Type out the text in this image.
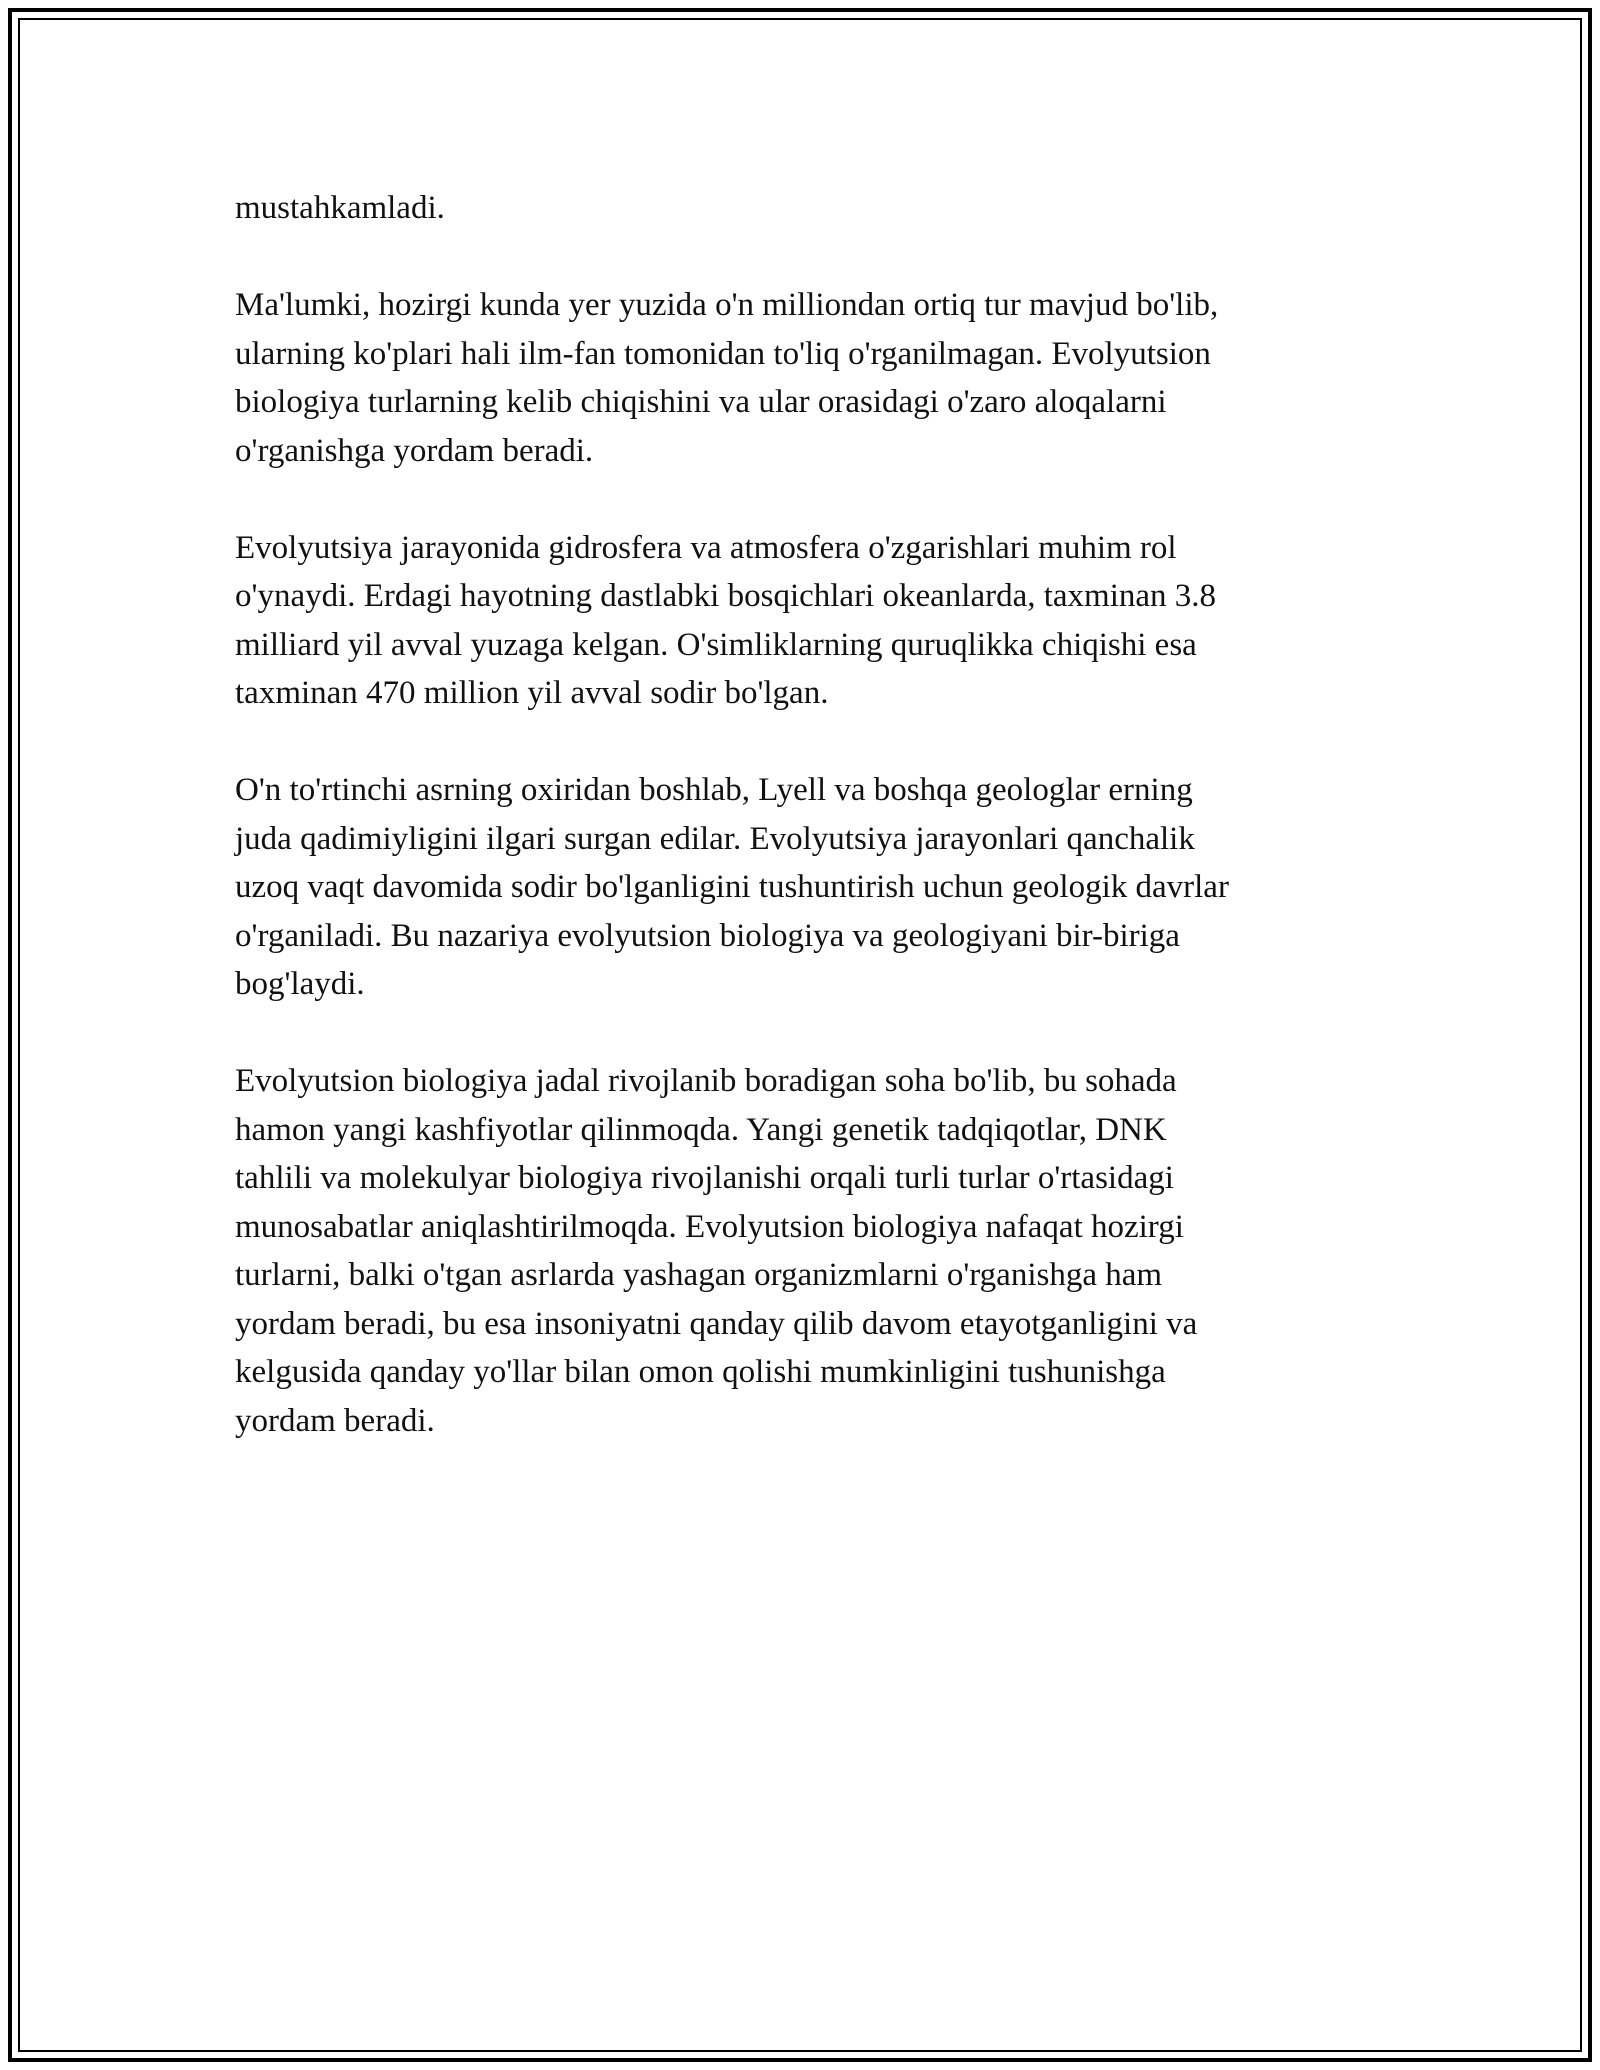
mustahkamladi.

Ma'lumki, hozirgi kunda yer yuzida o'n milliondan ortiq tur mavjud bo'lib,
ularning ko'plari hali ilm-fan tomonidan to'liq o'rganilmagan. Evolyutsion
biologiya turlarning kelib chiqishini va ular orasidagi o'zaro aloqalarni
o'rganishga yordam beradi.

Evolyutsiya jarayonida gidrosfera va atmosfera o'zgarishlari muhim rol
o'ynaydi. Erdagi hayotning dastlabki bosqichlari okeanlarda, taxminan 3.8
milliard yil avval yuzaga kelgan. O'simliklarning quruqlikka chiqishi esa
taxminan 470 million yil avval sodir bo'lgan.

O'n to'rtinchi asrning oxiridan boshlab, Lyell va boshqa geologlar erning
juda qadimiyligini ilgari surgan edilar. Evolyutsiya jarayonlari qanchalik
uzoq vaqt davomida sodir bo'lganligini tushuntirish uchun geologik davrlar
o'rganiladi. Bu nazariya evolyutsion biologiya va geologiyani bir-biriga
bog'laydi.

Evolyutsion biologiya jadal rivojlanib boradigan soha bo'lib, bu sohada
hamon yangi kashfiyotlar qilinmoqda. Yangi genetik tadqiqotlar, DNK
tahlili va molekulyar biologiya rivojlanishi orqali turli turlar o'rtasidagi
munosabatlar aniqlashtirilmoqda. Evolyutsion biologiya nafaqat hozirgi
turlarni, balki o'tgan asrlarda yashagan organizmlarni o'rganishga ham
yordam beradi, bu esa insoniyatni qanday qilib davom etayotganligini va
kelgusida qanday yo'llar bilan omon qolishi mumkinligini tushunishga
yordam beradi.
